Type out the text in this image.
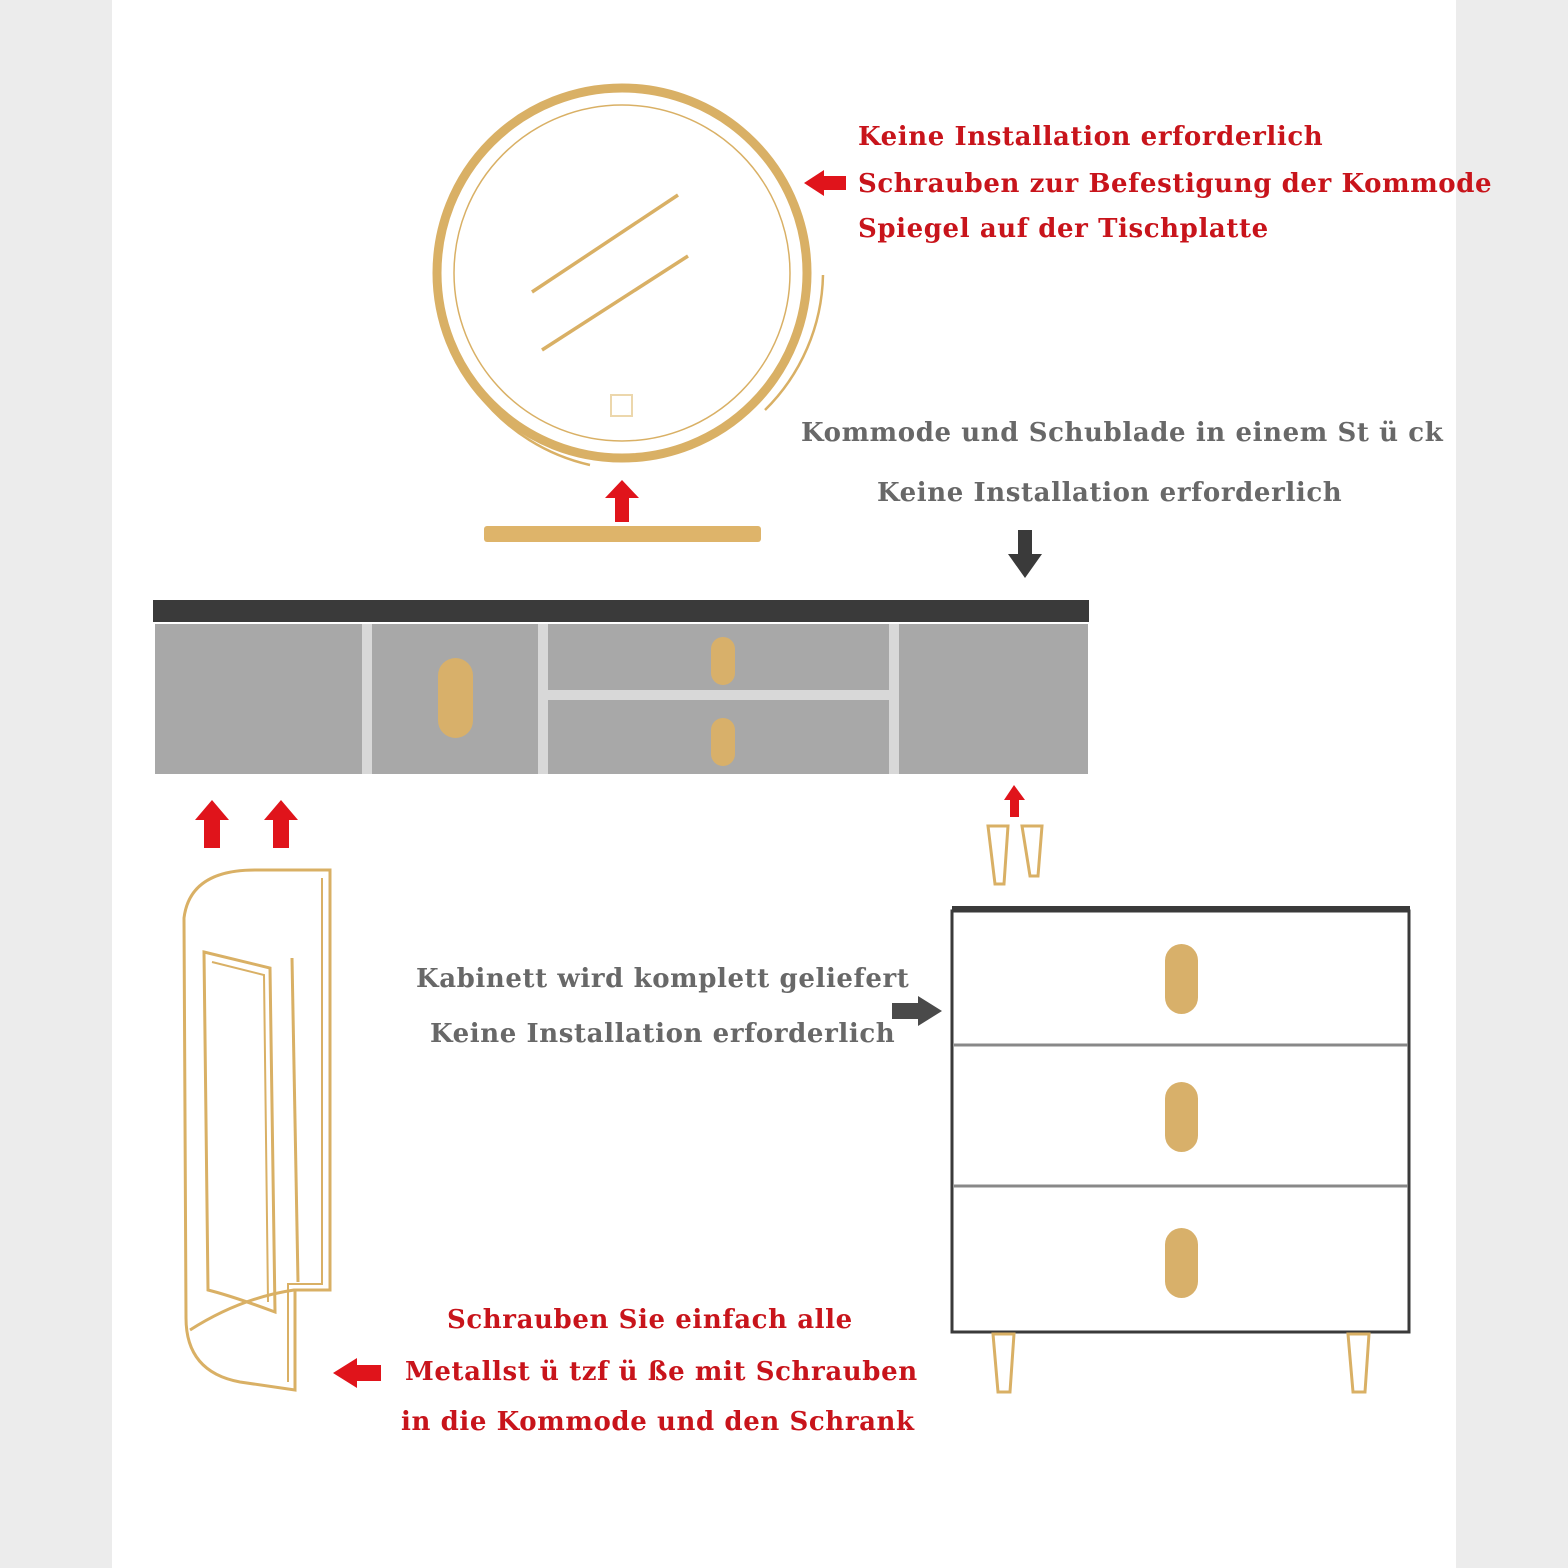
Keine Installation erforderlich
Schrauben zur Befestigung der Kommode
Spiegel auf der Tischplatte
Kommode und Schublade in einem St ü ck
Keine Installation erforderlich
Kabinett wird komplett geliefert
Keine Installation erforderlich
Schrauben Sie einfach alle
Metallst ü tzf ü ße mit Schrauben
in die Kommode und den Schrank
